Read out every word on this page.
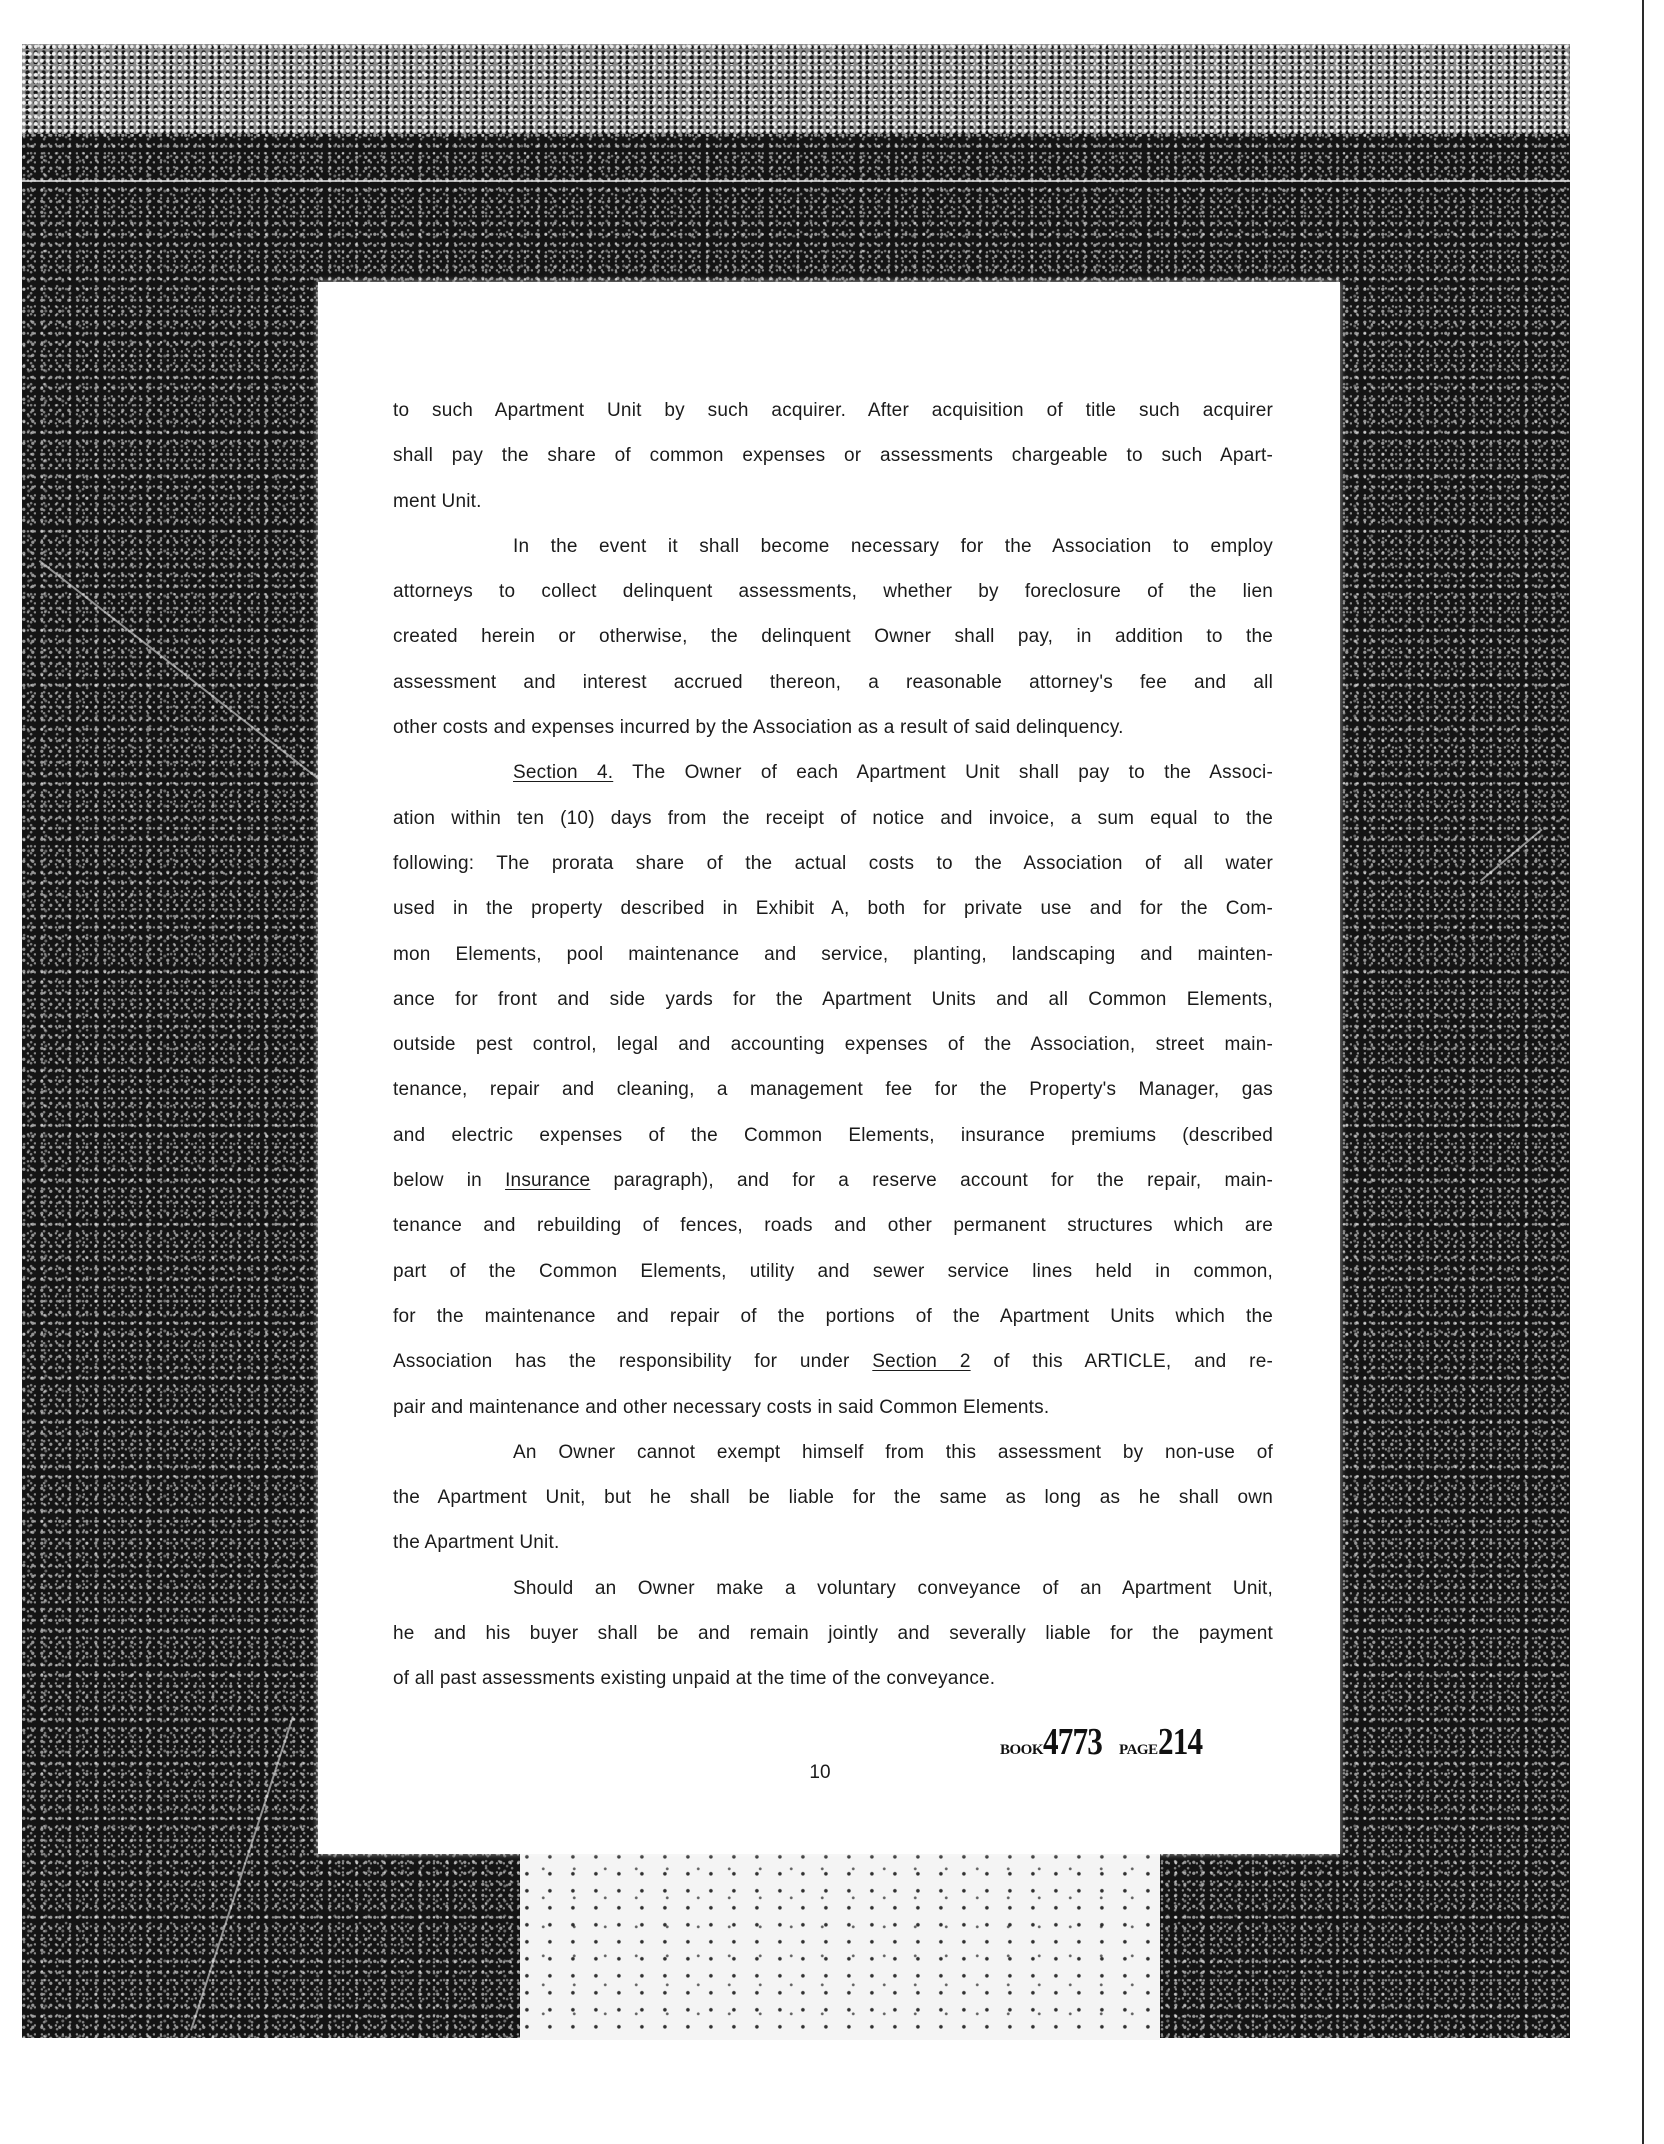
to such Apartment Unit by such acquirer. After acquisition of title such acquirer
shall pay the share of common expenses or assessments chargeable to such Apart-
ment Unit.
In the event it shall become necessary for the Association to employ
attorneys to collect delinquent assessments, whether by foreclosure of the lien
created herein or otherwise, the delinquent Owner shall pay, in addition to the
assessment and interest accrued thereon, a reasonable attorney's fee and all
other costs and expenses incurred by the Association as a result of said delinquency.
Section 4. The Owner of each Apartment Unit shall pay to the Associ-
ation within ten (10) days from the receipt of notice and invoice, a sum equal to the
following: The prorata share of the actual costs to the Association of all water
used in the property described in Exhibit A, both for private use and for the Com-
mon Elements, pool maintenance and service, planting, landscaping and mainten-
ance for front and side yards for the Apartment Units and all Common Elements,
outside pest control, legal and accounting expenses of the Association, street main-
tenance, repair and cleaning, a management fee for the Property's Manager, gas
and electric expenses of the Common Elements, insurance premiums (described
below in Insurance paragraph), and for a reserve account for the repair, main-
tenance and rebuilding of fences, roads and other permanent structures which are
part of the Common Elements, utility and sewer service lines held in common,
for the maintenance and repair of the portions of the Apartment Units which the
Association has the responsibility for under Section 2 of this ARTICLE, and re-
pair and maintenance and other necessary costs in said Common Elements.
An Owner cannot exempt himself from this assessment by non-use of
the Apartment Unit, but he shall be liable for the same as long as he shall own
the Apartment Unit.
Should an Owner make a voluntary conveyance of an Apartment Unit,
he and his buyer shall be and remain jointly and severally liable for the payment
of all past assessments existing unpaid at the time of the conveyance.
BOOK4773 PAGE214
10
